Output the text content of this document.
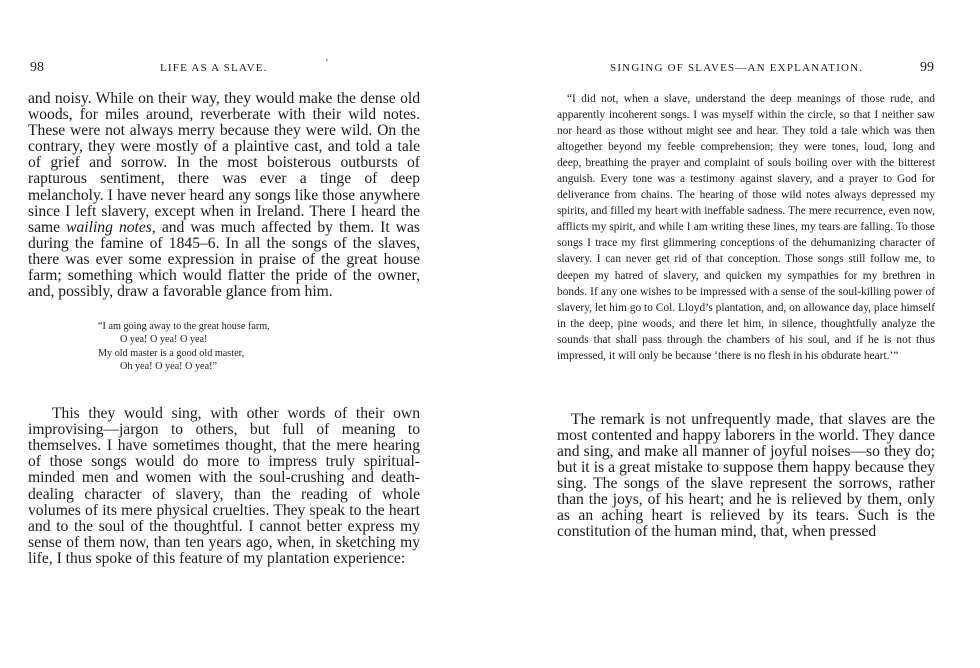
98	LIFE AS A SLAVE.	'

and noisy. While on their way, they would make the dense old woods, for miles around, reverberate with their wild notes. These were not always merry because they were wild. On the contrary, they were mostly of a plaintive cast, and told a tale of grief and sorrow. In the most boisterous outbursts of rapturous sentiment, there was ever a tinge of deep melancholy. I have never heard any songs like those anywhere since I left slavery, except when in Ireland. There I heard the same wailing notes, and was much affected by them. It was during the famine of 1845–6. In all the songs of the slaves, there was ever some expression in praise of the great house farm; something which would flatter the pride of the owner, and, possibly, draw a favorable glance from him.

“I am going away to the great house farm,
O yea! O yea! O yea!
My old master is a good old master,
Oh yea! O yea! O yea!”

This they would sing, with other words of their own improvising—jargon to others, but full of meaning to themselves. I have sometimes thought, that the mere hearing of those songs would do more to impress truly spiritual-minded men and women with the soul-crushing and death-dealing character of slavery, than the reading of whole volumes of its mere physical cruelties. They speak to the heart and to the soul of the thoughtful. I cannot better express my sense of them now, than ten years ago, when, in sketching my life, I thus spoke of this feature of my plantation experience:

SINGING OF SLAVES—AN EXPLANATION.	99

“I did not, when a slave, understand the deep meanings of those rude, and apparently incoherent songs. I was myself within the circle, so that I neither saw nor heard as those without might see and hear. They told a tale which was then altogether beyond my feeble comprehension; they were tones, loud, long and deep, breathing the prayer and complaint of souls boiling over with the bitterest anguish. Every tone was a testimony against slavery, and a prayer to God for deliverance from chains. The hearing of those wild notes always depressed my spirits, and filled my heart with ineffable sadness. The mere recurrence, even now, afflicts my spirit, and while I am writing these lines, my tears are falling. To those songs I trace my first glimmering conceptions of the dehumanizing character of slavery. I can never get rid of that conception. Those songs still follow me, to deepen my hatred of slavery, and quicken my sympathies for my brethren in bonds. If any one wishes to be impressed with a sense of the soul-killing power of slavery, let him go to Col. Lloyd’s plantation, and, on allowance day, place himself in the deep, pine woods, and there let him, in silence, thoughtfully analyze the sounds that shall pass through the chambers of his soul, and if he is not thus impressed, it will only be because ‘there is no flesh in his obdurate heart.’”

The remark is not unfrequently made, that slaves are the most contented and happy laborers in the world. They dance and sing, and make all manner of joyful noises—so they do; but it is a great mistake to suppose them happy because they sing. The songs of the slave represent the sorrows, rather than the joys, of his heart; and he is relieved by them, only as an aching heart is relieved by its tears. Such is the constitution of the human mind, that, when pressed
